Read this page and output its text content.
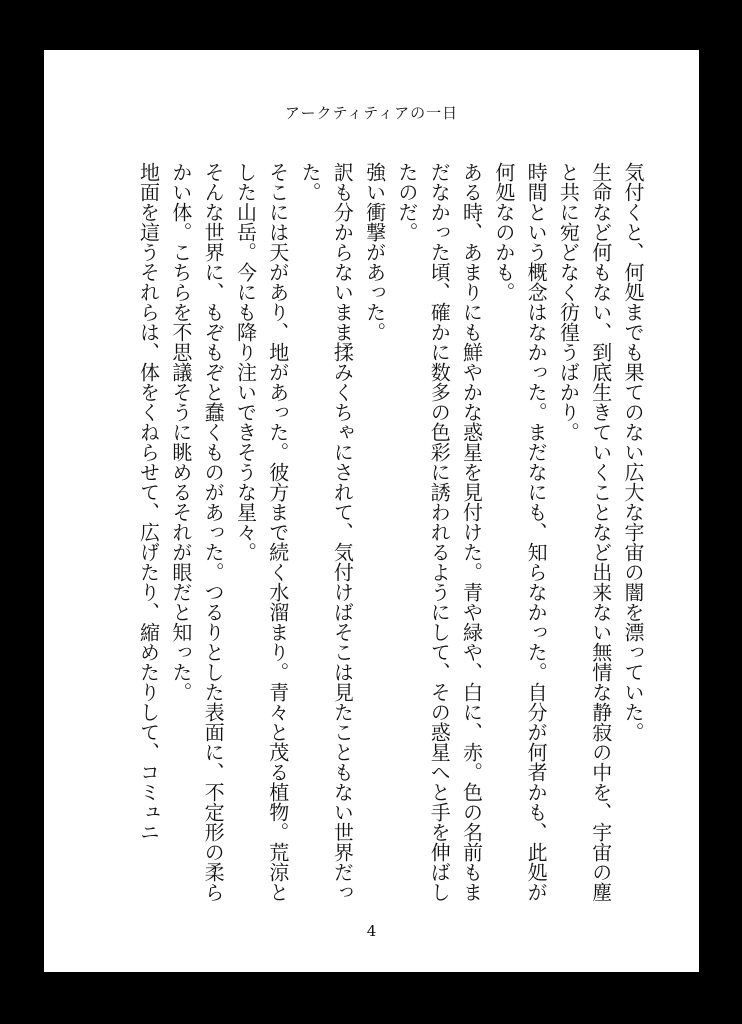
アークティティアの一日

気付くと、何処までも果てのない広大な宇宙の闇を漂っていた。

生命など何もない、到底生きていくことなど出来ない無情な静寂の中を、宇宙の塵と共に宛どなく彷徨うばかり。

時間という概念はなかった。まだなにも、知らなかった。自分が何者かも、此処が何処なのかも。

ある時、あまりにも鮮やかな惑星を見付けた。青や緑や、白に、赤。色の名前もまだなかった頃、確かに数多の色彩に誘われるようにして、その惑星へと手を伸ばしたのだ。

強い衝撃があった。

訳も分からないまま揉みくちゃにされて、気付けばそこは見たこともない世界だった。

そこには天があり、地があった。彼方まで続く水溜まり。青々と茂る植物。荒涼とした山岳。今にも降り注いできそうな星々。

そんな世界に、もぞもぞと蠢くものがあった。つるりとした表面に、不定形の柔らかい体。こちらを不思議そうに眺めるそれが眼だと知った。

地面を這うそれらは、体をくねらせて、広げたり、縮めたりして、コミュニ

4
